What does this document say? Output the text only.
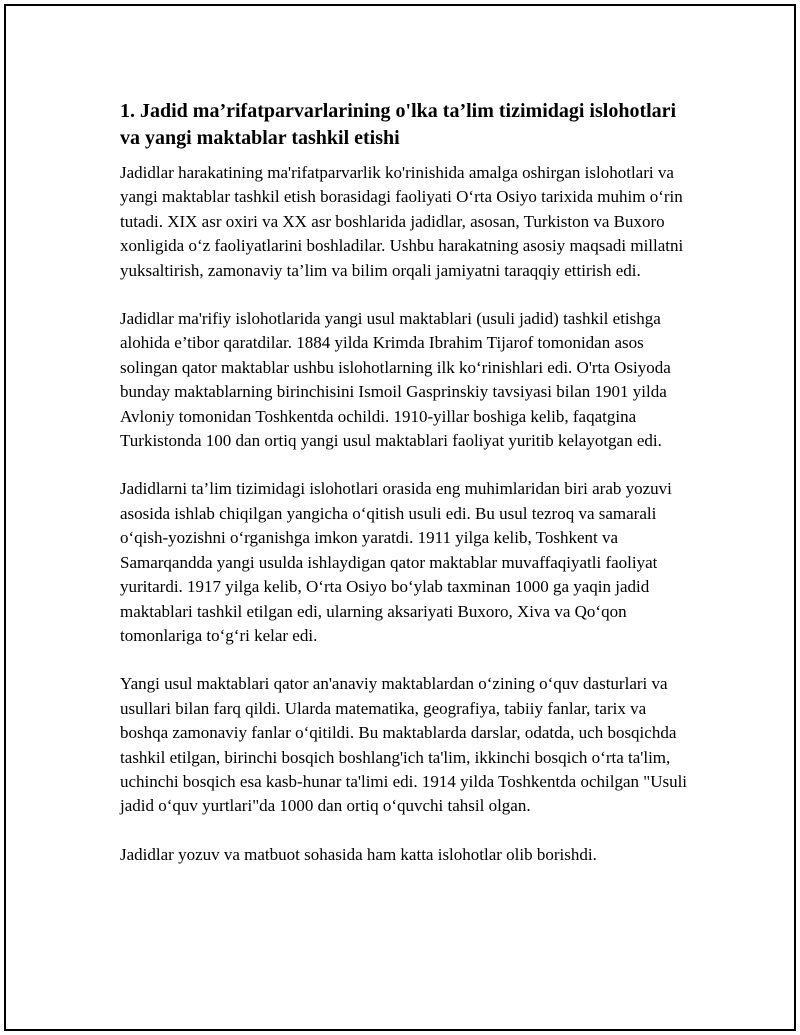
1. Jadid ma’rifatparvarlarining o'lka ta’lim tizimidagi islohotlari va yangi maktablar tashkil etishi

Jadidlar harakatining ma'rifatparvarlik ko'rinishida amalga oshirgan islohotlari va yangi maktablar tashkil etish borasidagi faoliyati O‘rta Osiyo tarixida muhim o‘rin tutadi. XIX asr oxiri va XX asr boshlarida jadidlar, asosan, Turkiston va Buxoro xonligida o‘z faoliyatlarini boshladilar. Ushbu harakatning asosiy maqsadi millatni yuksaltirish, zamonaviy ta’lim va bilim orqali jamiyatni taraqqiy ettirish edi.

Jadidlar ma'rifiy islohotlarida yangi usul maktablari (usuli jadid) tashkil etishga alohida e’tibor qaratdilar. 1884 yilda Krimda Ibrahim Tijarof tomonidan asos solingan qator maktablar ushbu islohotlarning ilk ko‘rinishlari edi. O'rta Osiyoda bunday maktablarning birinchisini Ismoil Gasprinskiy tavsiyasi bilan 1901 yilda Avloniy tomonidan Toshkentda ochildi. 1910-yillar boshiga kelib, faqatgina Turkistonda 100 dan ortiq yangi usul maktablari faoliyat yuritib kelayotgan edi.

Jadidlarni ta’lim tizimidagi islohotlari orasida eng muhimlaridan biri arab yozuvi asosida ishlab chiqilgan yangicha o‘qitish usuli edi. Bu usul tezroq va samarali o‘qish-yozishni o‘rganishga imkon yaratdi. 1911 yilga kelib, Toshkent va Samarqandda yangi usulda ishlaydigan qator maktablar muvaffaqiyatli faoliyat yuritardi. 1917 yilga kelib, O‘rta Osiyo bo‘ylab taxminan 1000 ga yaqin jadid maktablari tashkil etilgan edi, ularning aksariyati Buxoro, Xiva va Qo‘qon tomonlariga to‘g‘ri kelar edi.

Yangi usul maktablari qator an'anaviy maktablardan o‘zining o‘quv dasturlari va usullari bilan farq qildi. Ularda matematika, geografiya, tabiiy fanlar, tarix va boshqa zamonaviy fanlar o‘qitildi. Bu maktablarda darslar, odatda, uch bosqichda tashkil etilgan, birinchi bosqich boshlang'ich ta'lim, ikkinchi bosqich o‘rta ta'lim, uchinchi bosqich esa kasb-hunar ta'limi edi. 1914 yilda Toshkentda ochilgan "Usuli jadid o‘quv yurtlari"da 1000 dan ortiq o‘quvchi tahsil olgan.

Jadidlar yozuv va matbuot sohasida ham katta islohotlar olib borishdi.
